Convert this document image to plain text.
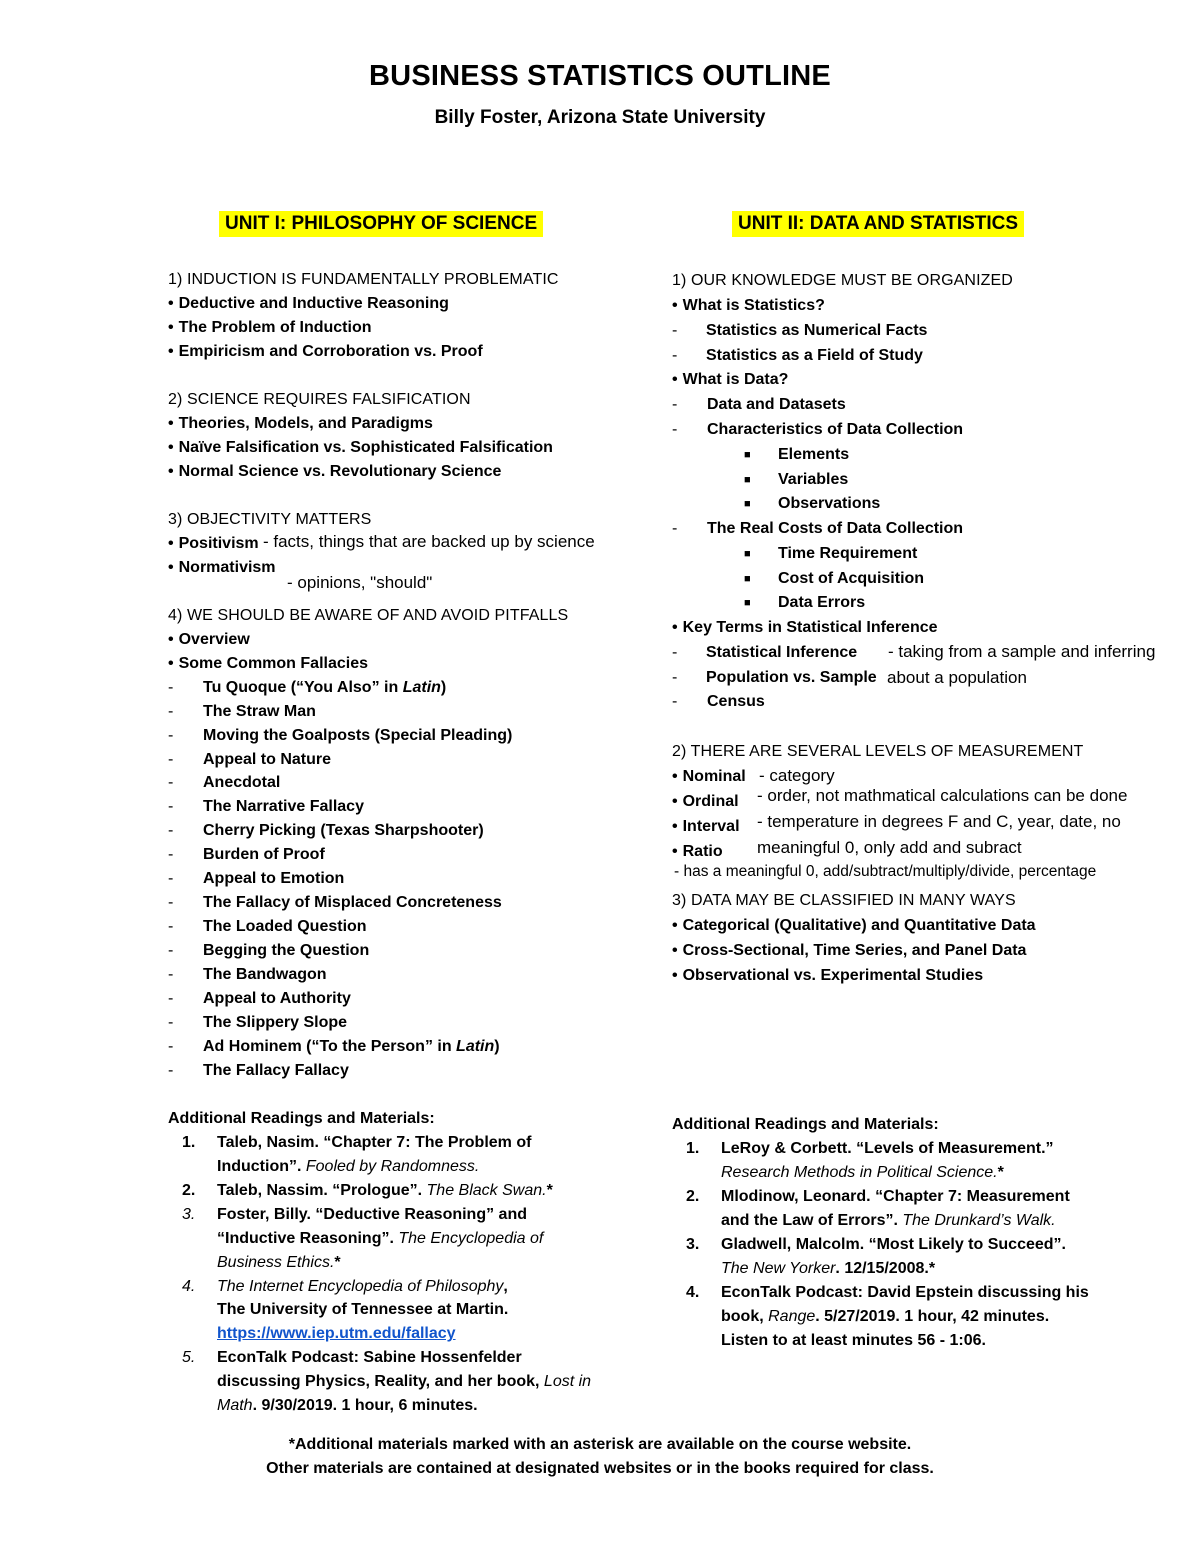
BUSINESS STATISTICS OUTLINE
Billy Foster, Arizona State University
UNIT I: PHILOSOPHY OF SCIENCE
1) INDUCTION IS FUNDAMENTALLY PROBLEMATIC
• Deductive and Inductive Reasoning
• The Problem of Induction
• Empiricism and Corroboration vs. Proof
2) SCIENCE REQUIRES FALSIFICATION
• Theories, Models, and Paradigms
• Naïve Falsification vs. Sophisticated Falsification
• Normal Science vs. Revolutionary Science
3) OBJECTIVITY MATTERS
• Positivism - facts, things that are backed up by science
• Normativism
- opinions, "should"
4) WE SHOULD BE AWARE OF AND AVOID PITFALLS
• Overview
• Some Common Fallacies
- Tu Quoque (“You Also” in Latin)
- The Straw Man
- Moving the Goalposts (Special Pleading)
- Appeal to Nature
- Anecdotal
- The Narrative Fallacy
- Cherry Picking (Texas Sharpshooter)
- Burden of Proof
- Appeal to Emotion
- The Fallacy of Misplaced Concreteness
- The Loaded Question
- Begging the Question
- The Bandwagon
- Appeal to Authority
- The Slippery Slope
- Ad Hominem (“To the Person” in Latin)
- The Fallacy Fallacy
Additional Readings and Materials:
1. Taleb, Nasim. “Chapter 7: The Problem of
Induction”. Fooled by Randomness.
2. Taleb, Nassim. “Prologue”. The Black Swan.*
3. Foster, Billy. “Deductive Reasoning” and
“Inductive Reasoning”. The Encyclopedia of
Business Ethics.*
4. The Internet Encyclopedia of Philosophy,
The University of Tennessee at Martin.
https://www.iep.utm.edu/fallacy
5. EconTalk Podcast: Sabine Hossenfelder
discussing Physics, Reality, and her book, Lost in
Math. 9/30/2019. 1 hour, 6 minutes.
UNIT II: DATA AND STATISTICS
1) OUR KNOWLEDGE MUST BE ORGANIZED
• What is Statistics?
- Statistics as Numerical Facts
- Statistics as a Field of Study
• What is Data?
- Data and Datasets
- Characteristics of Data Collection
■ Elements
■ Variables
■ Observations
- The Real Costs of Data Collection
■ Time Requirement
■ Cost of Acquisition
■ Data Errors
• Key Terms in Statistical Inference
- Statistical Inference - taking from a sample and inferring
- Population vs. Sample about a population
- Census
2) THERE ARE SEVERAL LEVELS OF MEASUREMENT
• Nominal - category
• Ordinal - order, not mathmatical calculations can be done
• Interval - temperature in degrees F and C, year, date, no
• Ratio meaningful 0, only add and subract
- has a meaningful 0, add/subtract/multiply/divide, percentage
3) DATA MAY BE CLASSIFIED IN MANY WAYS
• Categorical (Qualitative) and Quantitative Data
• Cross-Sectional, Time Series, and Panel Data
• Observational vs. Experimental Studies
Additional Readings and Materials:
1. LeRoy & Corbett. “Levels of Measurement.”
Research Methods in Political Science.*
2. Mlodinow, Leonard. “Chapter 7: Measurement
and the Law of Errors”. The Drunkard’s Walk.
3. Gladwell, Malcolm. “Most Likely to Succeed”.
The New Yorker. 12/15/2008.*
4. EconTalk Podcast: David Epstein discussing his
book, Range. 5/27/2019. 1 hour, 42 minutes.
Listen to at least minutes 56 - 1:06.
*Additional materials marked with an asterisk are available on the course website.
Other materials are contained at designated websites or in the books required for class.
